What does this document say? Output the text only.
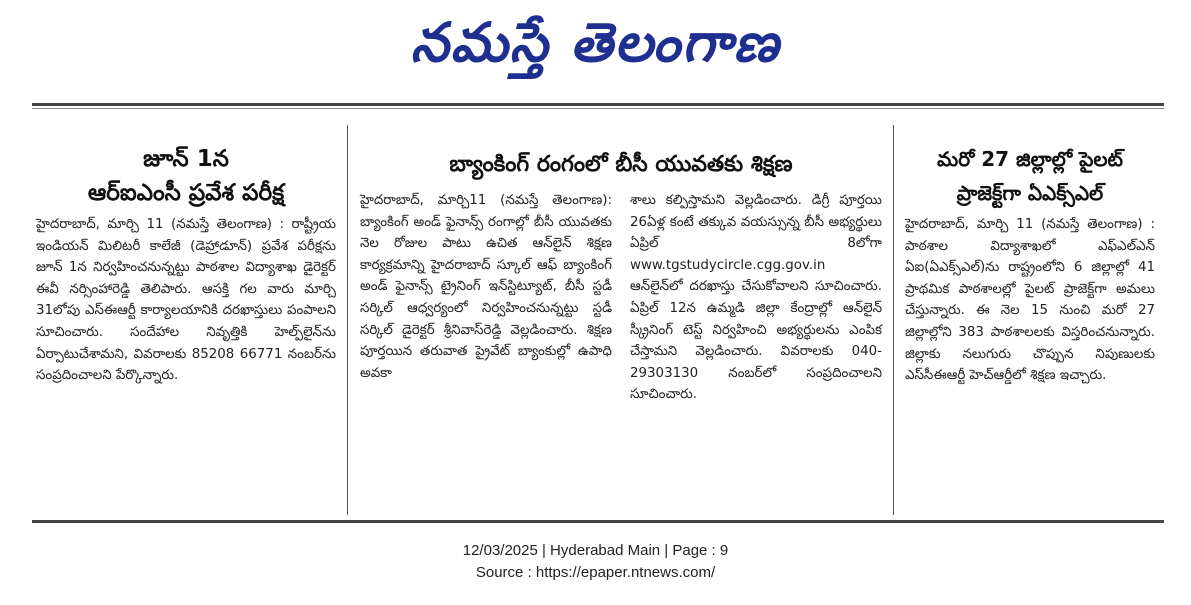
నమస్తే తెలంగాణ
జూన్ 1న
ఆర్ఐఎంసీ ప్రవేశ పరీక్ష

హైదరాబాద్, మార్చి 11 (నమస్తే తెలంగాణ) : రాష్ట్రీయ ఇండియన్ మిలిటరీ కాలేజీ (డెహ్రాడూన్) ప్రవేశ పరీక్షను జూన్ 1న నిర్వహించనున్నట్టు పాఠశాల విద్యాశాఖ డైరెక్టర్ ఈవీ నర్సింహారెడ్డి తెలిపారు. ఆసక్తి గల వారు మార్చి 31లోపు ఎస్ఈఆర్టీ కార్యాలయానికి దరఖాస్తులు పంపాలని సూచించారు. సందేహాల నివృత్తికి హెల్ప్‌లైన్‌ను ఏర్పాటుచేశామని, వివరాలకు 85208 66771 నంబర్‌ను సంప్రదించాలని పేర్కొన్నారు.

బ్యాంకింగ్ రంగంలో బీసీ యువతకు శిక్షణ

హైదరాబాద్, మార్చి11 (నమస్తే తెలంగాణ): బ్యాంకింగ్ అండ్ ఫైనాన్స్ రంగాల్లో బీసీ యువతకు నెల రోజుల పాటు ఉచిత ఆన్‌లైన్ శిక్షణ కార్యక్రమాన్ని హైదరాబాద్ స్కూల్ ఆఫ్ బ్యాంకింగ్ అండ్ ఫైనాన్స్ ట్రైనింగ్ ఇన్‌స్టిట్యూట్, బీసీ స్టడీ సర్కిల్ ఆధ్వర్యంలో నిర్వహించనున్నట్టు స్టడీ సర్కిల్ డైరెక్టర్ శ్రీనివాస్‌రెడ్డి వెల్లడించారు. శిక్షణ పూర్తయిన తరువాత ప్రైవేట్ బ్యాంకుల్లో ఉపాధి అవకా

శాలు కల్పిస్తామని వెల్లడించారు. డిగ్రీ పూర్తయి 26ఏళ్ల కంటే తక్కువ వయస్సున్న బీసీ అభ్యర్థులు ఏప్రిల్ 8లోగా www.tgstudycircle.cgg.gov.in ఆన్‌లైన్‌లో దరఖాస్తు చేసుకోవాలని సూచించారు. ఏప్రిల్ 12న ఉమ్మడి జిల్లా కేంద్రాల్లో ఆన్‌లైన్ స్క్రీనింగ్ టెస్ట్ నిర్వహించి అభ్యర్థులను ఎంపిక చేస్తామని వెల్లడించారు. వివరాలకు 040-29303130 నంబర్‌లో సంప్రదించాలని సూచించారు.

మరో 27 జిల్లాల్లో పైలట్
ప్రాజెక్ట్‌గా ఏఎక్స్ఎల్

హైదరాబాద్, మార్చి 11 (నమస్తే తెలంగాణ) : పాఠశాల విద్యాశాఖలో ఎఫ్ఎల్ఎన్ ఏఐ(ఏఎక్స్ఎల్)ను రాష్ట్రంలోని 6 జిల్లాల్లో 41 ప్రాథమిక పాఠశాలల్లో పైలట్ ప్రాజెక్ట్‌గా అమలు చేస్తున్నారు. ఈ నెల 15 నుంచి మరో 27 జిల్లాల్లోని 383 పాఠశాలలకు విస్తరించనున్నారు. జిల్లాకు నలుగురు చొప్పున నిపుణులకు ఎస్‌సీఈఆర్టీ హెచ్ఆర్డీలో శిక్షణ ఇచ్చారు.

12/03/2025 | Hyderabad Main | Page : 9
Source : https://epaper.ntnews.com/
